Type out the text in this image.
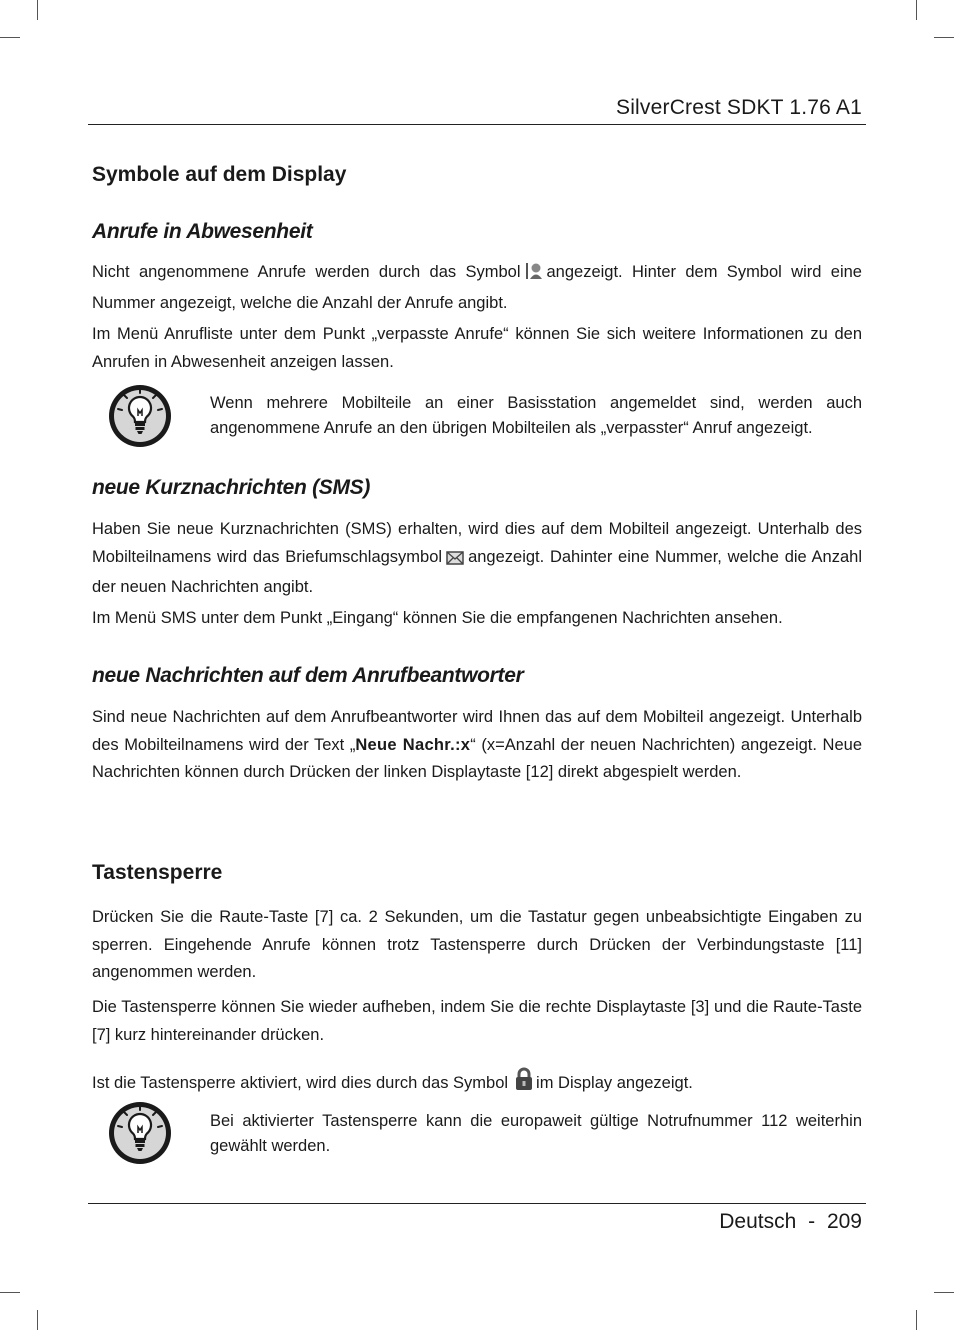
SilverCrest SDKT 1.76 A1
Symbole auf dem Display
Anrufe in Abwesenheit
Nicht angenommene Anrufe werden durch das Symbol angezeigt. Hinter dem Symbol wird eine Nummer angezeigt, welche die Anzahl der Anrufe angibt.
Im Menü Anrufliste unter dem Punkt „verpasste Anrufe“ können Sie sich weitere Informationen zu den Anrufen in Abwesenheit anzeigen lassen.
Wenn mehrere Mobilteile an einer Basisstation angemeldet sind, werden auch angenommene Anrufe an den übrigen Mobilteilen als „verpasster“ Anruf angezeigt.
neue Kurznachrichten (SMS)
Haben Sie neue Kurznachrichten (SMS) erhalten, wird dies auf dem Mobilteil angezeigt. Unterhalb des Mobilteilnamens wird das Briefumschlagsymbol angezeigt. Dahinter eine Nummer, welche die Anzahl der neuen Nachrichten angibt.
Im Menü SMS unter dem Punkt „Eingang“ können Sie die empfangenen Nachrichten ansehen.
neue Nachrichten auf dem Anrufbeantworter
Sind neue Nachrichten auf dem Anrufbeantworter wird Ihnen das auf dem Mobilteil angezeigt. Unterhalb des Mobilteilnamens wird der Text „Neue Nachr.:x“ (x=Anzahl der neuen Nachrichten) angezeigt. Neue Nachrichten können durch Drücken der linken Displaytaste [12] direkt abgespielt werden.
Tastensperre
Drücken Sie die Raute-Taste [7] ca. 2 Sekunden, um die Tastatur gegen unbeabsichtigte Eingaben zu sperren. Eingehende Anrufe können trotz Tastensperre durch Drücken der Verbindungstaste [11] angenommen werden.
Die Tastensperre können Sie wieder aufheben, indem Sie die rechte Displaytaste [3] und die Raute-Taste [7] kurz hintereinander drücken.
Ist die Tastensperre aktiviert, wird dies durch das Symbol im Display angezeigt.
Bei aktivierter Tastensperre kann die europaweit gültige Notrufnummer 112 weiterhin gewählt werden.
Deutsch - 209
